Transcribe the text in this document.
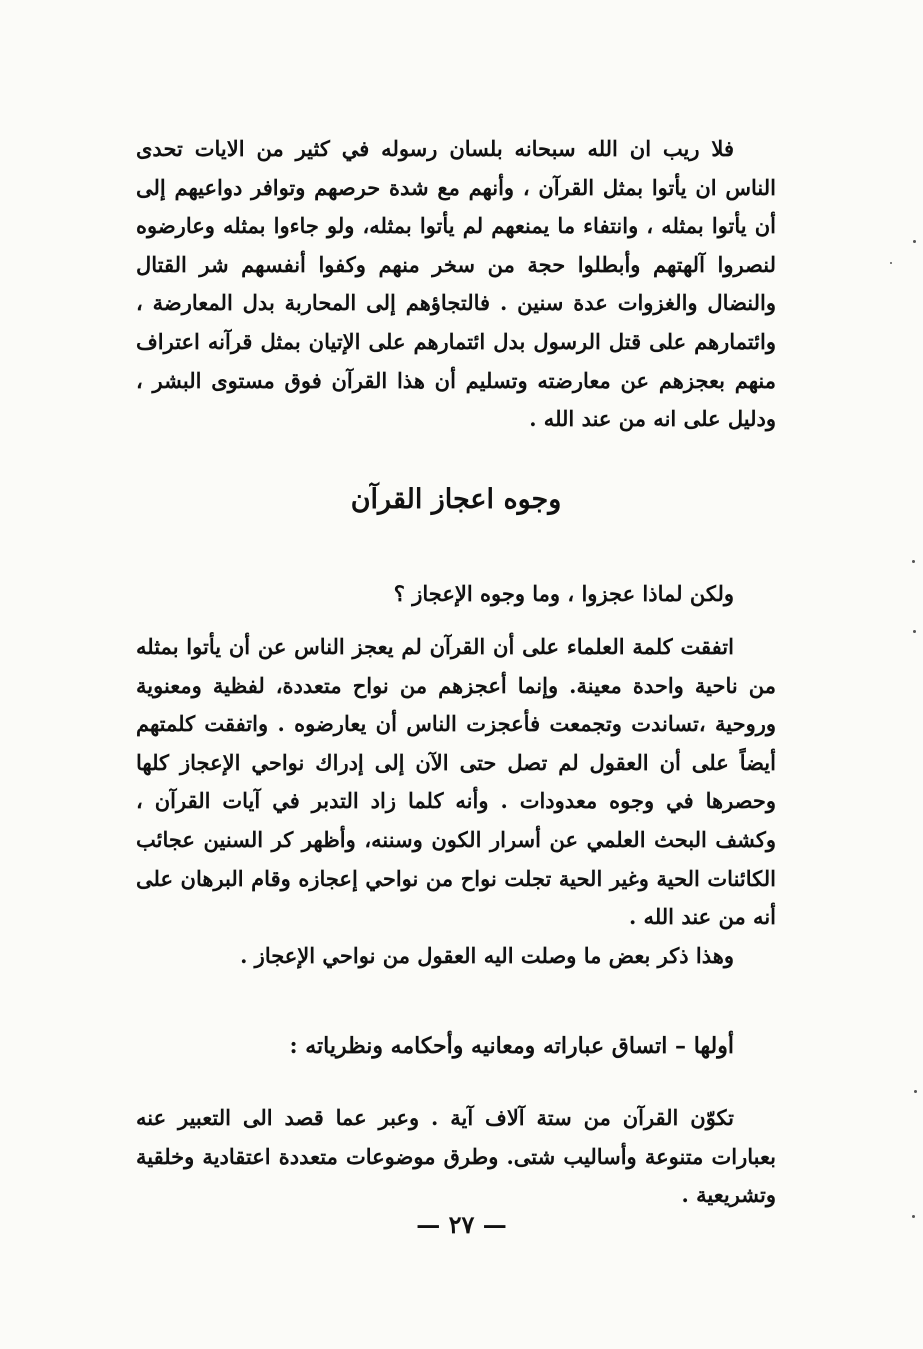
فلا ريب ان الله سبحانه بلسان رسوله في كثير من الايات تحدى الناس ان يأتوا بمثل القرآن ، وأنهم مع شدة حرصهم وتوافر دواعيهم إلى أن يأتوا بمثله ، وانتفاء ما يمنعهم لم يأتوا بمثله، ولو جاءوا بمثله وعارضوه لنصروا آلهتهم وأبطلوا حجة من سخر منهم وكفوا أنفسهم شر القتال والنضال والغزوات عدة سنين . فالتجاؤهم إلى المحاربة بدل المعارضة ، وائتمارهم على قتل الرسول بدل ائتمارهم على الإتيان بمثل قرآنه اعتراف منهم بعجزهم عن معارضته وتسليم أن هذا القرآن فوق مستوى البشر ، ودليل على انه من عند الله .
وجوه اعجاز القرآن
ولكن لماذا عجزوا ، وما وجوه الإعجاز ؟
اتفقت كلمة العلماء على أن القرآن لم يعجز الناس عن أن يأتوا بمثله من ناحية واحدة معينة. وإنما أعجزهم من نواح متعددة، لفظية ومعنوية وروحية ،تساندت وتجمعت فأعجزت الناس أن يعارضوه . واتفقت كلمتهم أيضاً على أن العقول لم تصل حتى الآن إلى إدراك نواحي الإعجاز كلها وحصرها في وجوه معدودات . وأنه كلما زاد التدبر في آيات القرآن ، وكشف البحث العلمي عن أسرار الكون وسننه، وأظهر كر السنين عجائب الكائنات الحية وغير الحية تجلت نواح من نواحي إعجازه وقام البرهان على أنه من عند الله .
وهذا ذكر بعض ما وصلت اليه العقول من نواحي الإعجاز .
أولها – اتساق عباراته ومعانيه وأحكامه ونظرياته :
تكوّن القرآن من ستة آلاف آية . وعبر عما قصد الى التعبير عنه بعبارات متنوعة وأساليب شتى. وطرق موضوعات متعددة اعتقادية وخلقية وتشريعية .
— ٢٧ —
